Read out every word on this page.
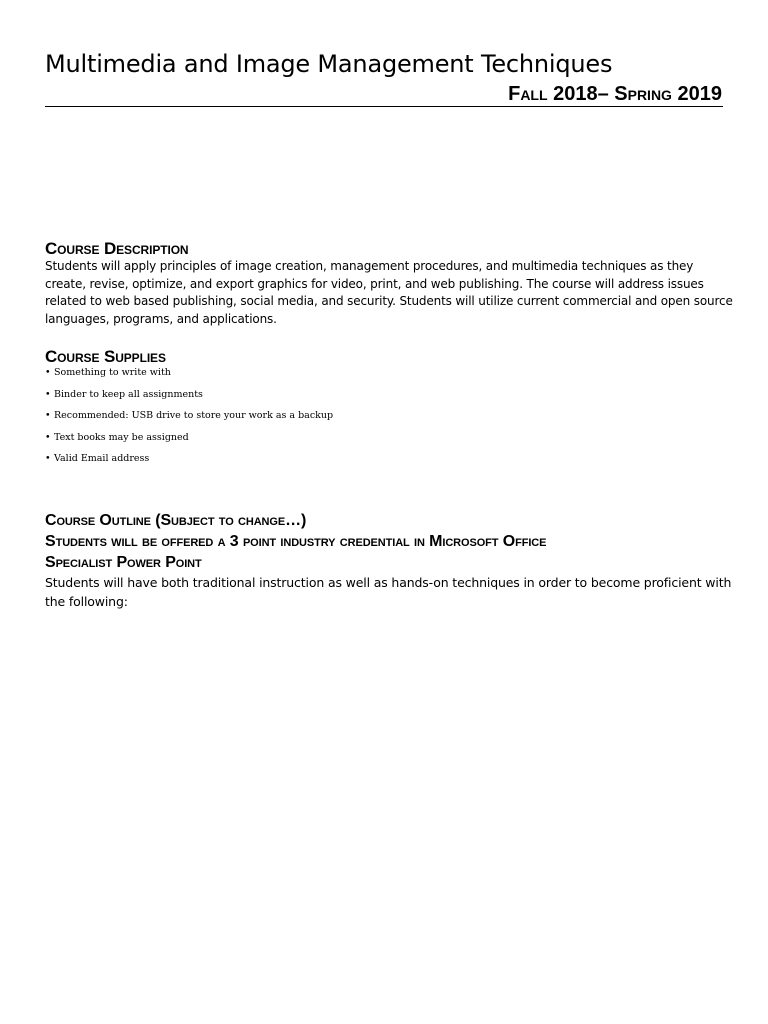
Multimedia and Image Management Techniques
Fall 2018– Spring 2019
Course Description
Students will apply principles of image creation, management procedures, and multimedia techniques as they create, revise, optimize, and export graphics for video, print, and web publishing. The course will address issues related to web based publishing, social media, and security. Students will utilize current commercial and open source languages, programs, and applications.
Course Supplies
• Something to write with
• Binder to keep all assignments
• Recommended: USB drive to store your work as a backup
• Text books may be assigned
• Valid Email address
Course Outline (Subject to change…)
Students will be offered a 3 point industry credential in Microsoft Office
Specialist Power Point
Students will have both traditional instruction as well as hands-on techniques in order to become proficient with the following:
